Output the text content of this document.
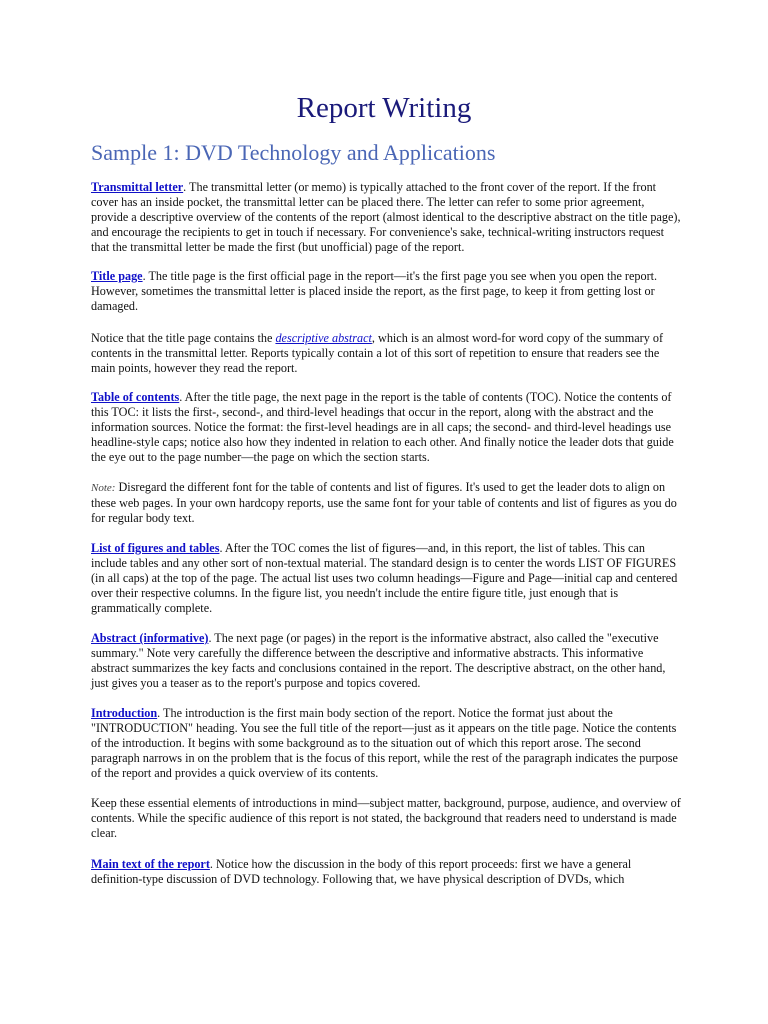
Report Writing
Sample 1: DVD Technology and Applications

Transmittal letter. The transmittal letter (or memo) is typically attached to the front cover of the report. If the front cover has an inside pocket, the transmittal letter can be placed there. The letter can refer to some prior agreement, provide a descriptive overview of the contents of the report (almost identical to the descriptive abstract on the title page), and encourage the recipients to get in touch if necessary. For convenience's sake, technical-writing instructors request that the transmittal letter be made the first (but unofficial) page of the report.

Title page. The title page is the first official page in the report—it's the first page you see when you open the report. However, sometimes the transmittal letter is placed inside the report, as the first page, to keep it from getting lost or damaged.

Notice that the title page contains the descriptive abstract, which is an almost word-for word copy of the summary of contents in the transmittal letter. Reports typically contain a lot of this sort of repetition to ensure that readers see the main points, however they read the report.

Table of contents. After the title page, the next page in the report is the table of contents (TOC). Notice the contents of this TOC: it lists the first-, second-, and third-level headings that occur in the report, along with the abstract and the information sources. Notice the format: the first-level headings are in all caps; the second- and third-level headings use headline-style caps; notice also how they indented in relation to each other. And finally notice the leader dots that guide the eye out to the page number—the page on which the section starts.

Note: Disregard the different font for the table of contents and list of figures. It's used to get the leader dots to align on these web pages. In your own hardcopy reports, use the same font for your table of contents and list of figures as you do for regular body text.

List of figures and tables. After the TOC comes the list of figures—and, in this report, the list of tables. This can include tables and any other sort of non-textual material. The standard design is to center the words LIST OF FIGURES (in all caps) at the top of the page. The actual list uses two column headings—Figure and Page—initial cap and centered over their respective columns. In the figure list, you needn't include the entire figure title, just enough that is grammatically complete.

Abstract (informative). The next page (or pages) in the report is the informative abstract, also called the "executive summary." Note very carefully the difference between the descriptive and informative abstracts. This informative abstract summarizes the key facts and conclusions contained in the report. The descriptive abstract, on the other hand, just gives you a teaser as to the report's purpose and topics covered.

Introduction. The introduction is the first main body section of the report. Notice the format just about the "INTRODUCTION" heading. You see the full title of the report—just as it appears on the title page. Notice the contents of the introduction. It begins with some background as to the situation out of which this report arose. The second paragraph narrows in on the problem that is the focus of this report, while the rest of the paragraph indicates the purpose of the report and provides a quick overview of its contents.

Keep these essential elements of introductions in mind—subject matter, background, purpose, audience, and overview of contents. While the specific audience of this report is not stated, the background that readers need to understand is made clear.

Main text of the report. Notice how the discussion in the body of this report proceeds: first we have a general definition-type discussion of DVD technology. Following that, we have physical description of DVDs, which
